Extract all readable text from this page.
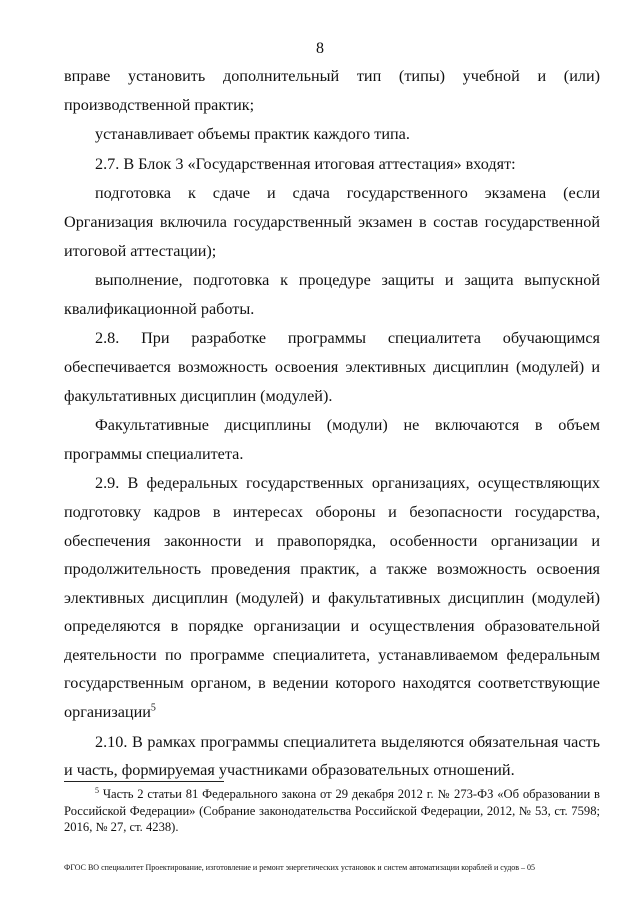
8

вправе установить дополнительный тип (типы) учебной и (или) производственной практик;

устанавливает объемы практик каждого типа.

2.7. В Блок 3 «Государственная итоговая аттестация» входят:

подготовка к сдаче и сдача государственного экзамена (если Организация включила государственный экзамен в состав государственной итоговой аттестации);

выполнение, подготовка к процедуре защиты и защита выпускной квалификационной работы.

2.8. При разработке программы специалитета обучающимся обеспечивается возможность освоения элективных дисциплин (модулей) и факультативных дисциплин (модулей).

Факультативные дисциплины (модули) не включаются в объем программы специалитета.

2.9. В федеральных государственных организациях, осуществляющих подготовку кадров в интересах обороны и безопасности государства, обеспечения законности и правопорядка, особенности организации и продолжительность проведения практик, а также возможность освоения элективных дисциплин (модулей) и факультативных дисциплин (модулей) определяются в порядке организации и осуществления образовательной деятельности по программе специалитета, устанавливаемом федеральным государственным органом, в ведении которого находятся соответствующие организации$^5$

2.10. В рамках программы специалитета выделяются обязательная часть и часть, формируемая участниками образовательных отношений.

$^5$ Часть 2 статьи 81 Федерального закона от 29 декабря 2012 г. № 273-ФЗ «Об образовании в Российской Федерации» (Собрание законодательства Российской Федерации, 2012, № 53, ст. 7598; 2016, № 27, ст. 4238).
ФГОС ВО специалитет Проектирование, изготовление и ремонт энергетических установок и систем автоматизации кораблей и судов – 05
